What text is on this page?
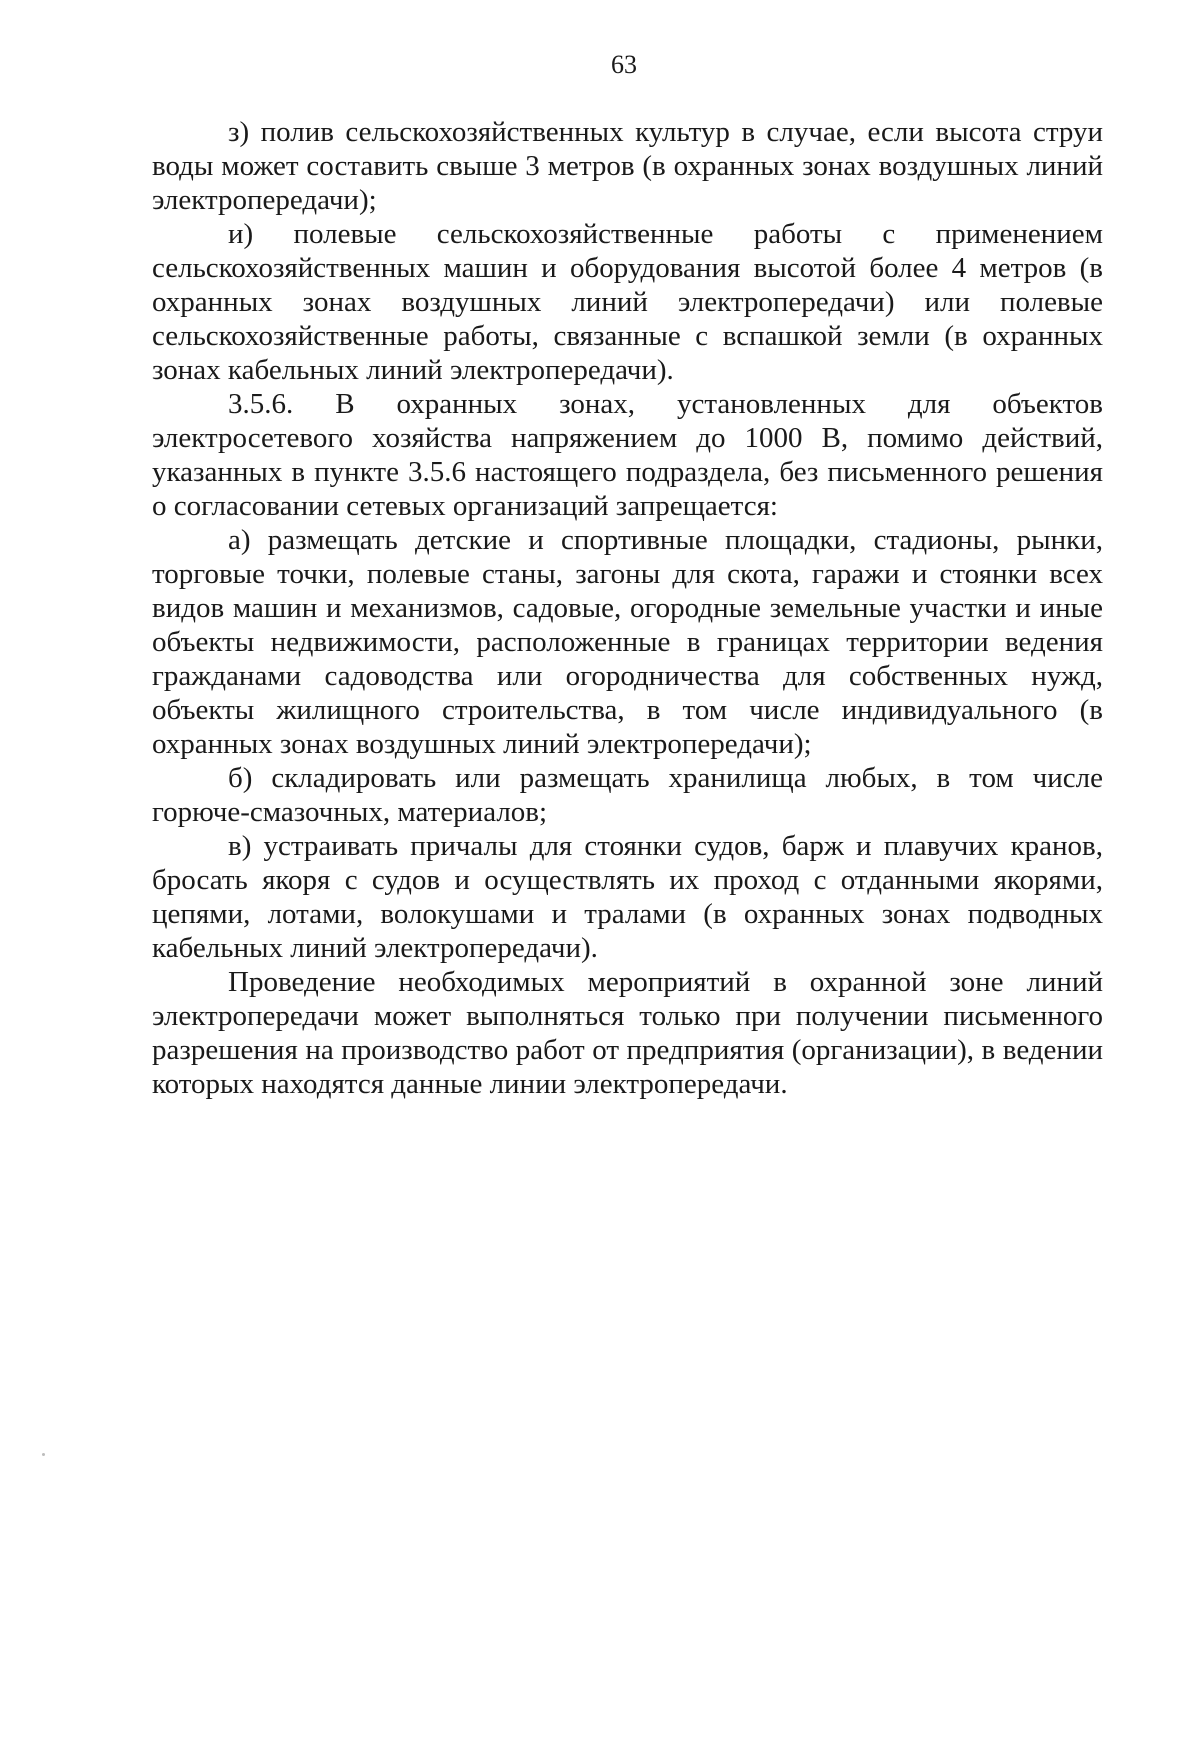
63

з) полив сельскохозяйственных культур в случае, если высота струи воды может составить свыше 3 метров (в охранных зонах воздушных линий электропередачи);

и) полевые сельскохозяйственные работы с применением сельскохозяйственных машин и оборудования высотой более 4 метров (в охранных зонах воздушных линий электропередачи) или полевые сельскохозяйственные работы, связанные с вспашкой земли (в охранных зонах кабельных линий электропередачи).

3.5.6. В охранных зонах, установленных для объектов электросетевого хозяйства напряжением до 1000 В, помимо действий, указанных в пункте 3.5.6 настоящего подраздела, без письменного решения о согласовании сетевых организаций запрещается:

а) размещать детские и спортивные площадки, стадионы, рынки, торговые точки, полевые станы, загоны для скота, гаражи и стоянки всех видов машин и механизмов, садовые, огородные земельные участки и иные объекты недвижимости, расположенные в границах территории ведения гражданами садоводства или огородничества для собственных нужд, объекты жилищного строительства, в том числе индивидуального (в охранных зонах воздушных линий электропередачи);

б) складировать или размещать хранилища любых, в том числе горюче-смазочных, материалов;

в) устраивать причалы для стоянки судов, барж и плавучих кранов, бросать якоря с судов и осуществлять их проход с отданными якорями, цепями, лотами, волокушами и тралами (в охранных зонах подводных кабельных линий электропередачи).

Проведение необходимых мероприятий в охранной зоне линий электропередачи может выполняться только при получении письменного разрешения на производство работ от предприятия (организации), в ведении которых находятся данные линии электропередачи.
